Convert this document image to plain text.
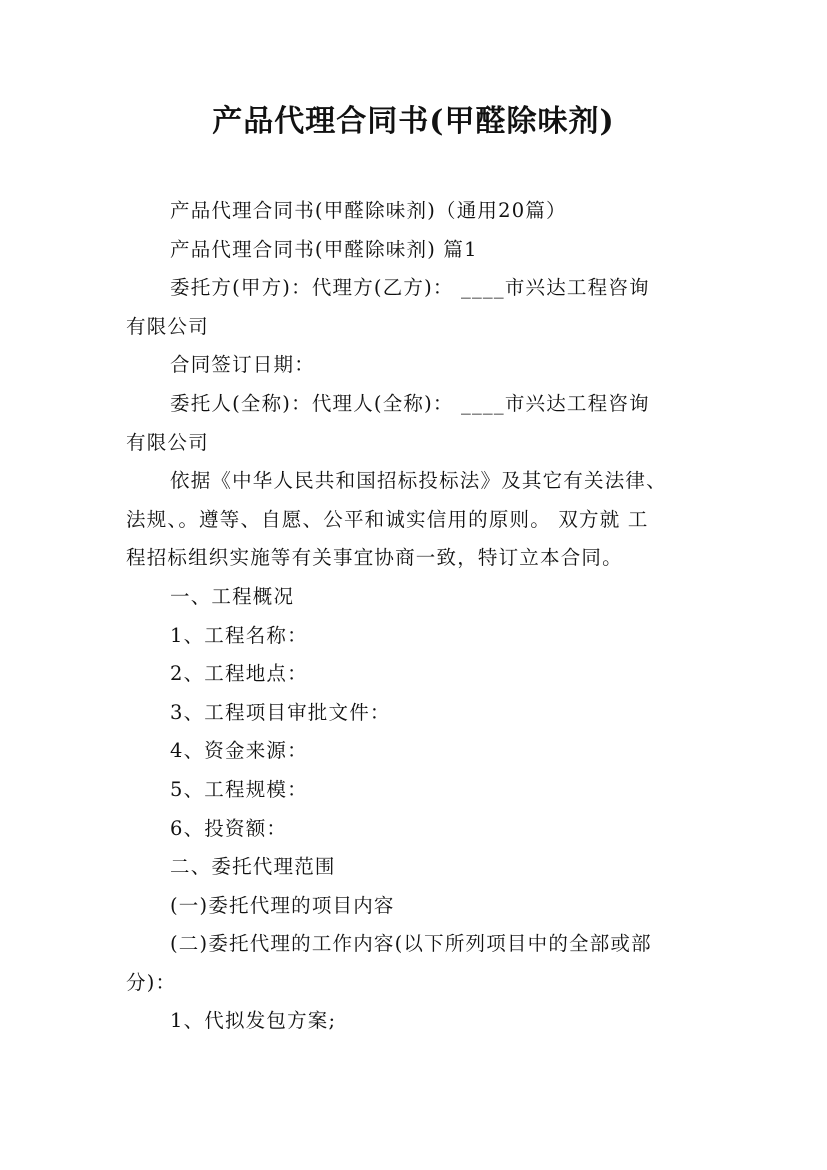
产品代理合同书(甲醛除味剂)

产品代理合同书(甲醛除味剂)（通用20篇）

产品代理合同书(甲醛除味剂) 篇1

委托方(甲方)：代理方(乙方)： ____市兴达工程咨询

有限公司

合同签订日期：

委托人(全称)：代理人(全称)： ____市兴达工程咨询

有限公司

依据《中华人民共和国招标投标法》及其它有关法律、

法规、。遵等、自愿、公平和诚实信用的原则。 双方就 工

程招标组织实施等有关事宜协商一致，特订立本合同。

一、工程概况

1、工程名称：

2、工程地点：

3、工程项目审批文件：

4、资金来源：

5、工程规模：

6、投资额：

二、委托代理范围

(一)委托代理的项目内容

(二)委托代理的工作内容(以下所列项目中的全部或部

分)：

1、代拟发包方案;
